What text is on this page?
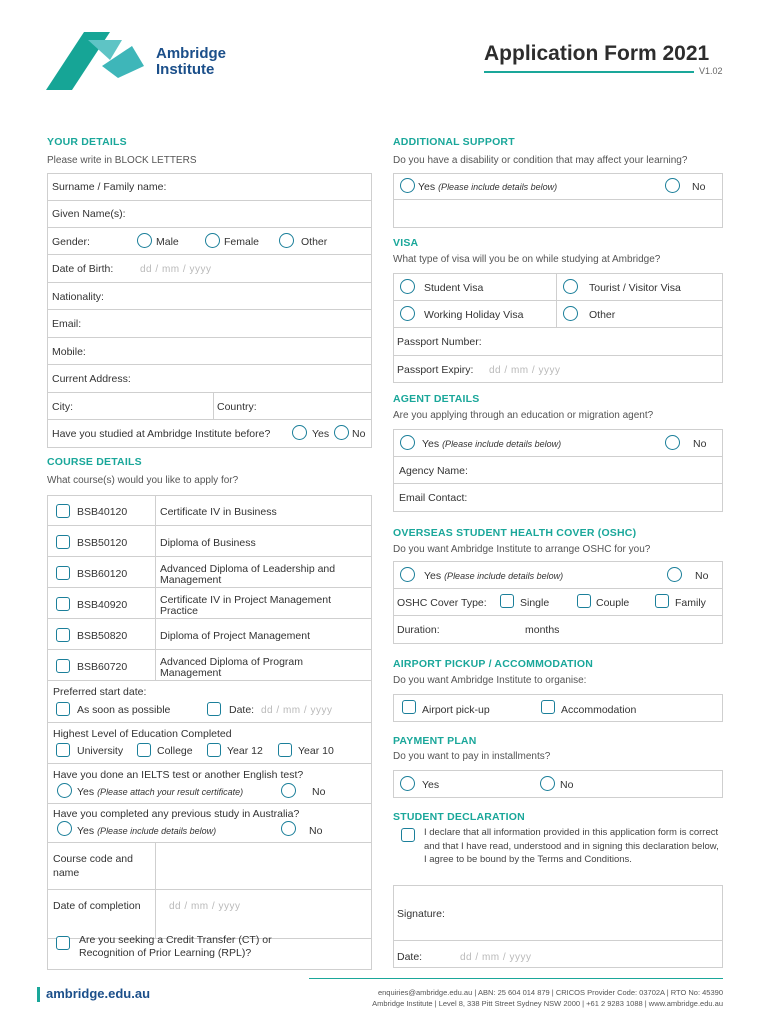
Ambridge
Institute
Application Form 2021
V1.02
YOUR DETAILS
Please write in BLOCK LETTERS
Surname / Family name:
Given Name(s):
Gender:	Male	Female	Other
Date of Birth:	dd / mm / yyyy
Nationality:
Email:
Mobile:
Current Address:
City:	Country:
Have you studied at Ambridge Institute before?	Yes No
COURSE DETAILS
What course(s) would you like to apply for?
BSB40120	Certificate IV in Business
BSB50120	Diploma of Business
BSB60120	Advanced Diploma of Leadership and Management
BSB40920	Certificate IV in Project Management Practice
BSB50820	Diploma of Project Management
BSB60720	Advanced Diploma of Program Management
Preferred start date:
As soon as possible	Date: dd / mm / yyyy
Highest Level of Education Completed
University	College	Year 12	Year 10
Have you done an IELTS test or another English test?
Yes (Please attach your result certificate)	No
Have you completed any previous study in Australia?
Yes (Please include details below)	No
Course code and name
Date of completion	dd / mm / yyyy
Are you seeking a Credit Transfer (CT) or Recognition of Prior Learning (RPL)?
ADDITIONAL SUPPORT
Do you have a disability or condition that may affect your learning?
Yes (Please include details below)	No
VISA
What type of visa will you be on while studying at Ambridge?
Student Visa	Tourist / Visitor Visa
Working Holiday Visa	Other
Passport Number:
Passport Expiry: dd / mm / yyyy
AGENT DETAILS
Are you applying through an education or migration agent?
Yes (Please include details below)	No
Agency Name:
Email Contact:
OVERSEAS STUDENT HEALTH COVER (OSHC)
Do you want Ambridge Institute to arrange OSHC for you?
Yes (Please include details below)	No
OSHC Cover Type:	Single	Couple	Family
Duration:	months
AIRPORT PICKUP / ACCOMMODATION
Do you want Ambridge Institute to organise:
Airport pick-up	Accommodation
PAYMENT PLAN
Do you want to pay in installments?
Yes	No
STUDENT DECLARATION
I declare that all information provided in this application form is correct and that I have read, understood and in signing this declaration below, I agree to be bound by the Terms and Conditions.
Signature:
Date:	dd / mm / yyyy
ambridge.edu.au	enquiries@ambridge.edu.au | ABN: 25 604 014 879 | CRICOS Provider Code: 03702A | RTO No: 45390
Ambridge Institute | Level 8, 338 Pitt Street Sydney NSW 2000 | +61 2 9283 1088 | www.ambridge.edu.au
